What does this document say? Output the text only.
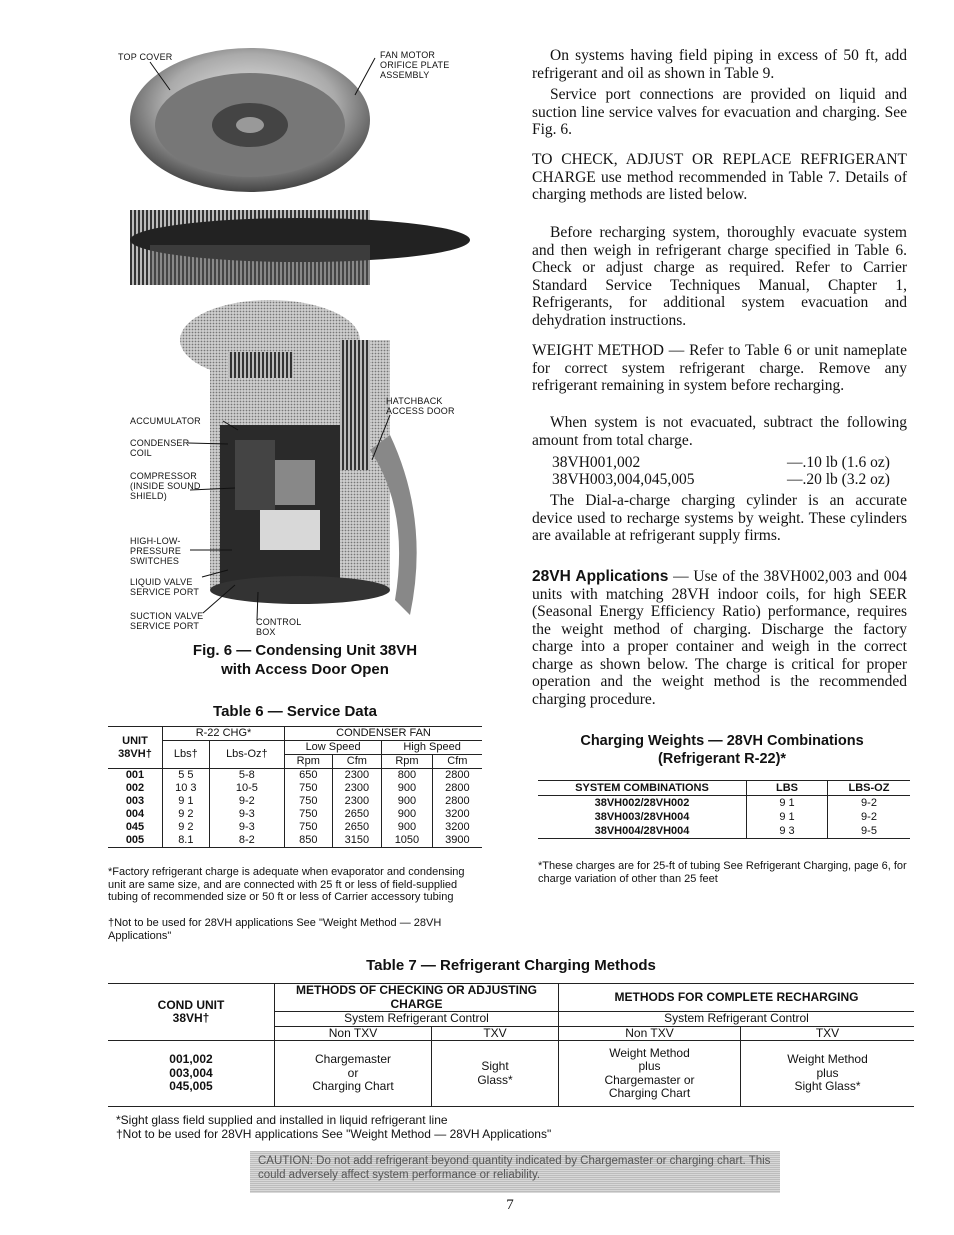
TOP COVER	FAN MOTOR
ORIFICE PLATE
ASSEMBLY
HATCHBACK
ACCESS DOOR
ACCUMULATOR
CONDENSER
COIL
COMPRESSOR
(INSIDE SOUND
SHIELD)
HIGH-LOW-
PRESSURE
SWITCHES
LIQUID VALVE
SERVICE PORT
SUCTION VALVE
SERVICE PORT	CONTROL
BOX
Fig. 6 — Condensing Unit 38VH
with Access Door Open
Table 6 — Service Data
UNIT
38VH†	R-22 CHG*		CONDENSER FAN			
	Lbs†	Lbs-Oz†	Low Speed		High Speed	
			Rpm	Cfm	Rpm	Cfm
001	5 5	5-8	650	2300	800	2800
002	10 3	10-5	750	2300	900	2800
003	9 1	9-2	750	2300	900	2800
004	9 2	9-3	750	2650	900	3200
045	9 2	9-3	750	2650	900	3200
005	8.1	8-2	850	3150	1050	3900
*Factory refrigerant charge is adequate when evaporator and condensing unit are same size, and are connected with 25 ft or less of field-supplied tubing of recommended size or 50 ft or less of Carrier accessory tubing
†Not to be used for 28VH applications See "Weight Method — 28VH Applications"
On systems having field piping in excess of 50 ft, add refrigerant and oil as shown in Table 9.
Service port connections are provided on liquid and suction line service valves for evacuation and charging. See Fig. 6.
TO CHECK, ADJUST OR REPLACE REFRIGERANT CHARGE use method recommended in Table 7. Details of charging methods are listed below.
Before recharging system, thoroughly evacuate system and then weigh in refrigerant charge specified in Table 6. Check or adjust charge as required. Refer to Carrier Standard Service Techniques Manual, Chapter 1, Refrigerants, for additional system evacuation and dehydration instructions.
WEIGHT METHOD — Refer to Table 6 or unit nameplate for correct system refrigerant charge. Remove any refrigerant remaining in system before recharging.
When system is not evacuated, subtract the following amount from total charge.
38VH001,002	—.10 lb (1.6 oz)
38VH003,004,045,005	—.20 lb (3.2 oz)
The Dial-a-charge charging cylinder is an accurate device used to recharge systems by weight. These cylinders are available at refrigerant supply firms.
28VH Applications — Use of the 38VH002,003 and 004 units with matching 28VH indoor coils, for high SEER (Seasonal Energy Efficiency Ratio) performance, requires the weight method of charging. Discharge the factory charge into a proper container and weigh in the correct charge as shown below. The charge is critical for proper operation and the weight method is the recommended charging procedure.
Charging Weights — 28VH Combinations
(Refrigerant R-22)*
SYSTEM COMBINATIONS	LBS	LBS-OZ
38VH002/28VH002	9 1	9-2
38VH003/28VH004	9 1	9-2
38VH004/28VH004	9 3	9-5
*These charges are for 25-ft of tubing See Refrigerant Charging, page 6, for charge variation of other than 25 feet
Table 7 — Refrigerant Charging Methods
COND UNIT
38VH†	METHODS OF CHECKING OR ADJUSTING CHARGE		METHODS FOR COMPLETE RECHARGING	
	System Refrigerant Control		System Refrigerant Control	
	Non TXV	TXV	Non TXV	TXV
001,002
003,004
045,005	Chargemaster
or
Charging Chart	Sight
Glass*	Weight Method
plus
Chargemaster or
Charging Chart	Weight Method
plus
Sight Glass*
*Sight glass field supplied and installed in liquid refrigerant line
†Not to be used for 28VH applications See "Weight Method — 28VH Applications"
CAUTION: Do not add refrigerant beyond quantity indicated by Chargemaster or charging chart. This could adversely affect system performance or reliability.
7
